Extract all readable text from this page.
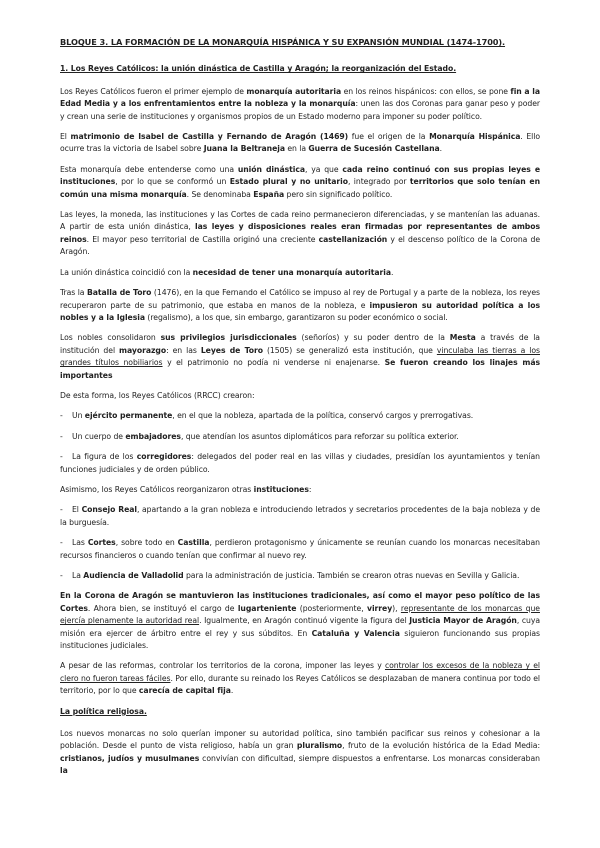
BLOQUE 3. LA FORMACIÓN DE LA MONARQUÍA HISPÁNICA Y SU EXPANSIÓN MUNDIAL (1474-1700).
1. Los Reyes Católicos: la unión dinástica de Castilla y Aragón; la reorganización del Estado.

Los Reyes Católicos fueron el primer ejemplo de monarquía autoritaria en los reinos hispánicos: con ellos, se pone fin a la Edad Media y a los enfrentamientos entre la nobleza y la monarquía: unen las dos Coronas para ganar peso y poder y crean una serie de instituciones y organismos propios de un Estado moderno para imponer su poder político.

El matrimonio de Isabel de Castilla y Fernando de Aragón (1469) fue el origen de la Monarquía Hispánica. Ello ocurre tras la victoria de Isabel sobre Juana la Beltraneja en la Guerra de Sucesión Castellana.

Esta monarquía debe entenderse como una unión dinástica, ya que cada reino continuó con sus propias leyes e instituciones, por lo que se conformó un Estado plural y no unitario, integrado por territorios que solo tenían en común una misma monarquía. Se denominaba España pero sin significado político.

Las leyes, la moneda, las instituciones y las Cortes de cada reino permanecieron diferenciadas, y se mantenían las aduanas. A partir de esta unión dinástica, las leyes y disposiciones reales eran firmadas por representantes de ambos reinos. El mayor peso territorial de Castilla originó una creciente castellanización y el descenso político de la Corona de Aragón.

La unión dinástica coincidió con la necesidad de tener una monarquía autoritaria.

Tras la Batalla de Toro (1476), en la que Fernando el Católico se impuso al rey de Portugal y a parte de la nobleza, los reyes recuperaron parte de su patrimonio, que estaba en manos de la nobleza, e impusieron su autoridad política a los nobles y a la Iglesia (regalismo), a los que, sin embargo, garantizaron su poder económico o social.

Los nobles consolidaron sus privilegios jurisdiccionales (señoríos) y su poder dentro de la Mesta a través de la institución del mayorazgo: en las Leyes de Toro (1505) se generalizó esta institución, que vinculaba las tierras a los grandes títulos nobiliarios y el patrimonio no podía ni venderse ni enajenarse. Se fueron creando los linajes más importantes

De esta forma, los Reyes Católicos (RRCC) crearon:

- Un ejército permanente, en el que la nobleza, apartada de la política, conservó cargos y prerrogativas.

- Un cuerpo de embajadores, que atendían los asuntos diplomáticos para reforzar su política exterior.

- La figura de los corregidores: delegados del poder real en las villas y ciudades, presidían los ayuntamientos y tenían funciones judiciales y de orden público.

Asimismo, los Reyes Católicos reorganizaron otras instituciones:

- El Consejo Real, apartando a la gran nobleza e introduciendo letrados y secretarios procedentes de la baja nobleza y de la burguesía.

- Las Cortes, sobre todo en Castilla, perdieron protagonismo y únicamente se reunían cuando los monarcas necesitaban recursos financieros o cuando tenían que confirmar al nuevo rey.

- La Audiencia de Valladolid para la administración de justicia. También se crearon otras nuevas en Sevilla y Galicia.

En la Corona de Aragón se mantuvieron las instituciones tradicionales, así como el mayor peso político de las Cortes. Ahora bien, se instituyó el cargo de lugarteniente (posteriormente, virrey), representante de los monarcas que ejercía plenamente la autoridad real. Igualmente, en Aragón continuó vigente la figura del Justicia Mayor de Aragón, cuya misión era ejercer de árbitro entre el rey y sus súbditos. En Cataluña y Valencia siguieron funcionando sus propias instituciones judiciales.

A pesar de las reformas, controlar los territorios de la corona, imponer las leyes y controlar los excesos de la nobleza y el clero no fueron tareas fáciles. Por ello, durante su reinado los Reyes Católicos se desplazaban de manera continua por todo el territorio, por lo que carecía de capital fija.

La política religiosa.

Los nuevos monarcas no solo querían imponer su autoridad política, sino también pacificar sus reinos y cohesionar a la población. Desde el punto de vista religioso, había un gran pluralismo, fruto de la evolución histórica de la Edad Media: cristianos, judíos y musulmanes convivían con dificultad, siempre dispuestos a enfrentarse. Los monarcas consideraban la
